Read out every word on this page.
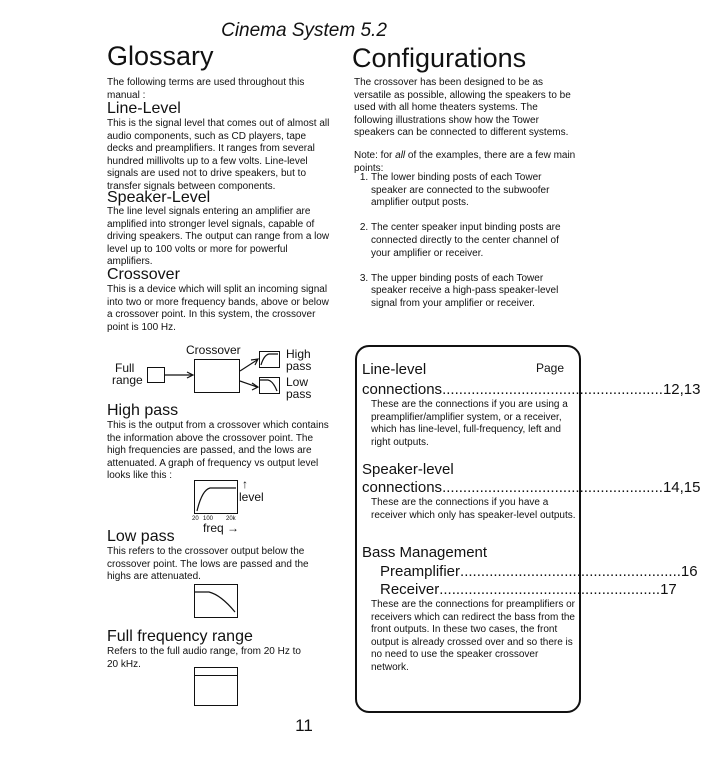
Cinema System 5.2
Glossary
The following terms are used throughout this manual :
Line-Level
This is the signal level that comes out of almost all audio components, such as CD players, tape decks and preamplifiers. It ranges from several hundred millivolts up to a few volts. Line-level signals are used not to drive speakers, but to transfer signals between components.
Speaker-Level
The line level signals entering an amplifier are amplified into stronger level signals, capable of driving speakers. The output can range from a low level up to 100 volts or more for powerful amplifiers.
Crossover
This is a device which will split an incoming signal into two or more frequency bands, above or below a crossover point. In this system, the crossover point is 100 Hz.
Crossover
Full
range
High
pass
Low
pass
High pass
This is the output from a crossover which contains the information above the crossover point. The high frequencies are passed, and the lows are attenuated. A graph of frequency vs output level looks like this :
20 100 20k
freq →
↑
level
Low pass
This refers to the crossover output below the crossover point. The lows are passed and the highs are attenuated.
Full frequency range
Refers to the full audio range, from 20 Hz to 20 kHz.
Configurations
The crossover has been designed to be as versatile as possible, allowing the speakers to be used with all home theaters systems. The following illustrations show how the Tower speakers can be connected to different systems.
Note: for all of the examples, there are a few main points:
1. The lower binding posts of each Tower speaker are connected to the subwoofer amplifier output posts.
2. The center speaker input binding posts are connected directly to the center channel of your amplifier or receiver.
3. The upper binding posts of each Tower speaker receive a high-pass speaker-level signal from your amplifier or receiver.
Line-level	Page
connections ..................................................... 12,13
These are the connections if you are using a preamplifier/amplifier system, or a receiver, which has line-level, full-frequency, left and right outputs.
Speaker-level
connections ..................................................... 14,15
These are the connections if you have a receiver which only has speaker-level outputs.
Bass Management
Preamplifier ..................................................... 16
Receiver ..................................................... 17
These are the connections for preamplifiers or receivers which can redirect the bass from the front outputs. In these two cases, the front output is already crossed over and so there is no need to use the speaker crossover network.
11
